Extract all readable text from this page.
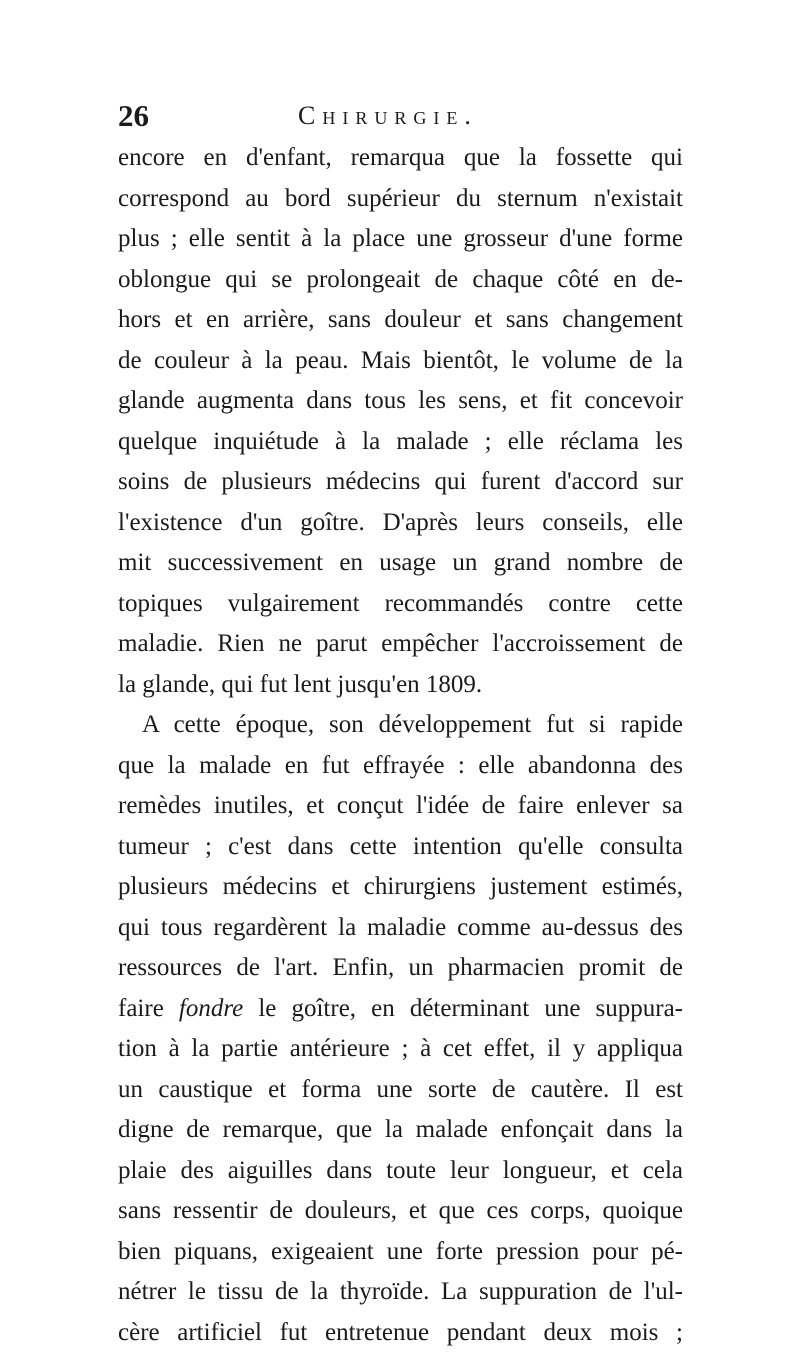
26	Chirurgie.
encore en d'enfant, remarqua que la fossette qui
correspond au bord supérieur du sternum n'existait
plus ; elle sentit à la place une grosseur d'une forme
oblongue qui se prolongeait de chaque côté en de-
hors et en arrière, sans douleur et sans changement
de couleur à la peau. Mais bientôt, le volume de la
glande augmenta dans tous les sens, et fit concevoir
quelque inquiétude à la malade ; elle réclama les
soins de plusieurs médecins qui furent d'accord sur
l'existence d'un goître. D'après leurs conseils, elle
mit successivement en usage un grand nombre de
topiques vulgairement recommandés contre cette
maladie. Rien ne parut empêcher l'accroissement de
la glande, qui fut lent jusqu'en 1809.
A cette époque, son développement fut si rapide
que la malade en fut effrayée : elle abandonna des
remèdes inutiles, et conçut l'idée de faire enlever sa
tumeur ; c'est dans cette intention qu'elle consulta
plusieurs médecins et chirurgiens justement estimés,
qui tous regardèrent la maladie comme au-dessus des
ressources de l'art. Enfin, un pharmacien promit de
faire fondre le goître, en déterminant une suppura-
tion à la partie antérieure ; à cet effet, il y appliqua
un caustique et forma une sorte de cautère. Il est
digne de remarque, que la malade enfonçait dans la
plaie des aiguilles dans toute leur longueur, et cela
sans ressentir de douleurs, et que ces corps, quoique
bien piquans, exigeaient une forte pression pour pé-
nétrer le tissu de la thyroïde. La suppuration de l'ul-
cère artificiel fut entretenue pendant deux mois ;
